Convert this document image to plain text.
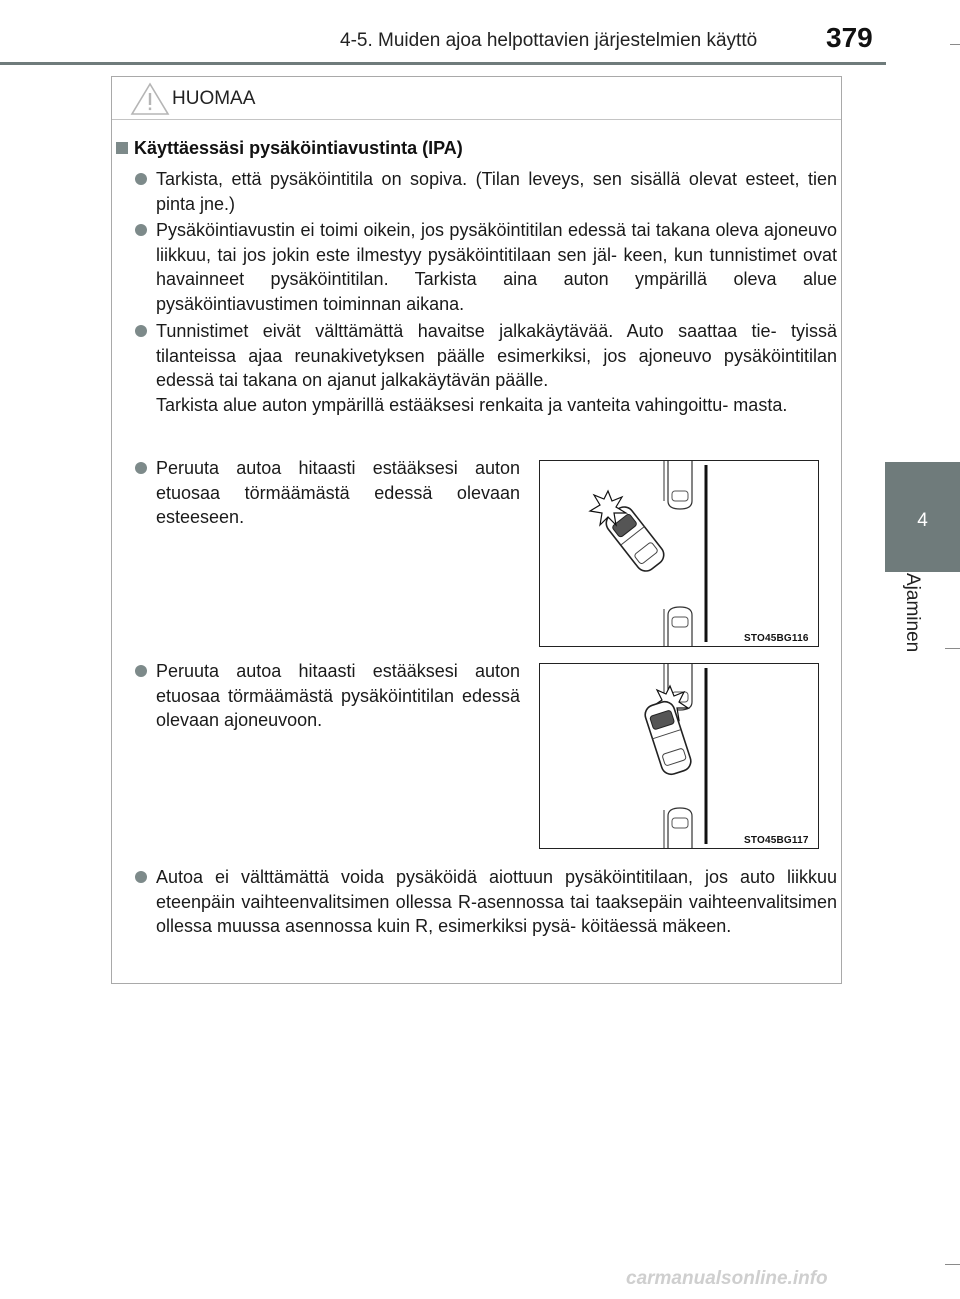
4-5. Muiden ajoa helpottavien järjestelmien käyttö	379
4
Ajaminen
HUOMAA
Käyttäessäsi pysäköintiavustinta (IPA)
Tarkista, että pysäköintitila on sopiva. (Tilan leveys, sen sisällä olevat esteet, tien pinta jne.)
Pysäköintiavustin ei toimi oikein, jos pysäköintitilan edessä tai takana oleva ajoneuvo liikkuu, tai jos jokin este ilmestyy pysäköintitilaan sen jäl- keen, kun tunnistimet ovat havainneet pysäköintitilan. Tarkista aina auton ympärillä oleva alue pysäköintiavustimen toiminnan aikana.
Tunnistimet eivät välttämättä havaitse jalkakäytävää. Auto saattaa tie- tyissä tilanteissa ajaa reunakivetyksen päälle esimerkiksi, jos ajoneuvo pysäköintitilan edessä tai takana on ajanut jalkakäytävän päälle.
Tarkista alue auton ympärillä estääksesi renkaita ja vanteita vahingoittu- masta.
Peruuta autoa hitaasti estääksesi auton etuosaa törmäämästä edessä olevaan esteeseen.
Peruuta autoa hitaasti estääksesi auton etuosaa törmäämästä pysäköintitilan edessä olevaan ajoneuvoon.
Autoa ei välttämättä voida pysäköidä aiottuun pysäköintitilaan, jos auto liikkuu eteenpäin vaihteenvalitsimen ollessa R-asennossa tai taaksepäin vaihteenvalitsimen ollessa muussa asennossa kuin R, esimerkiksi pysä- köitäessä mäkeen.
STO45BG116
STO45BG117
carmanualsonline.info
